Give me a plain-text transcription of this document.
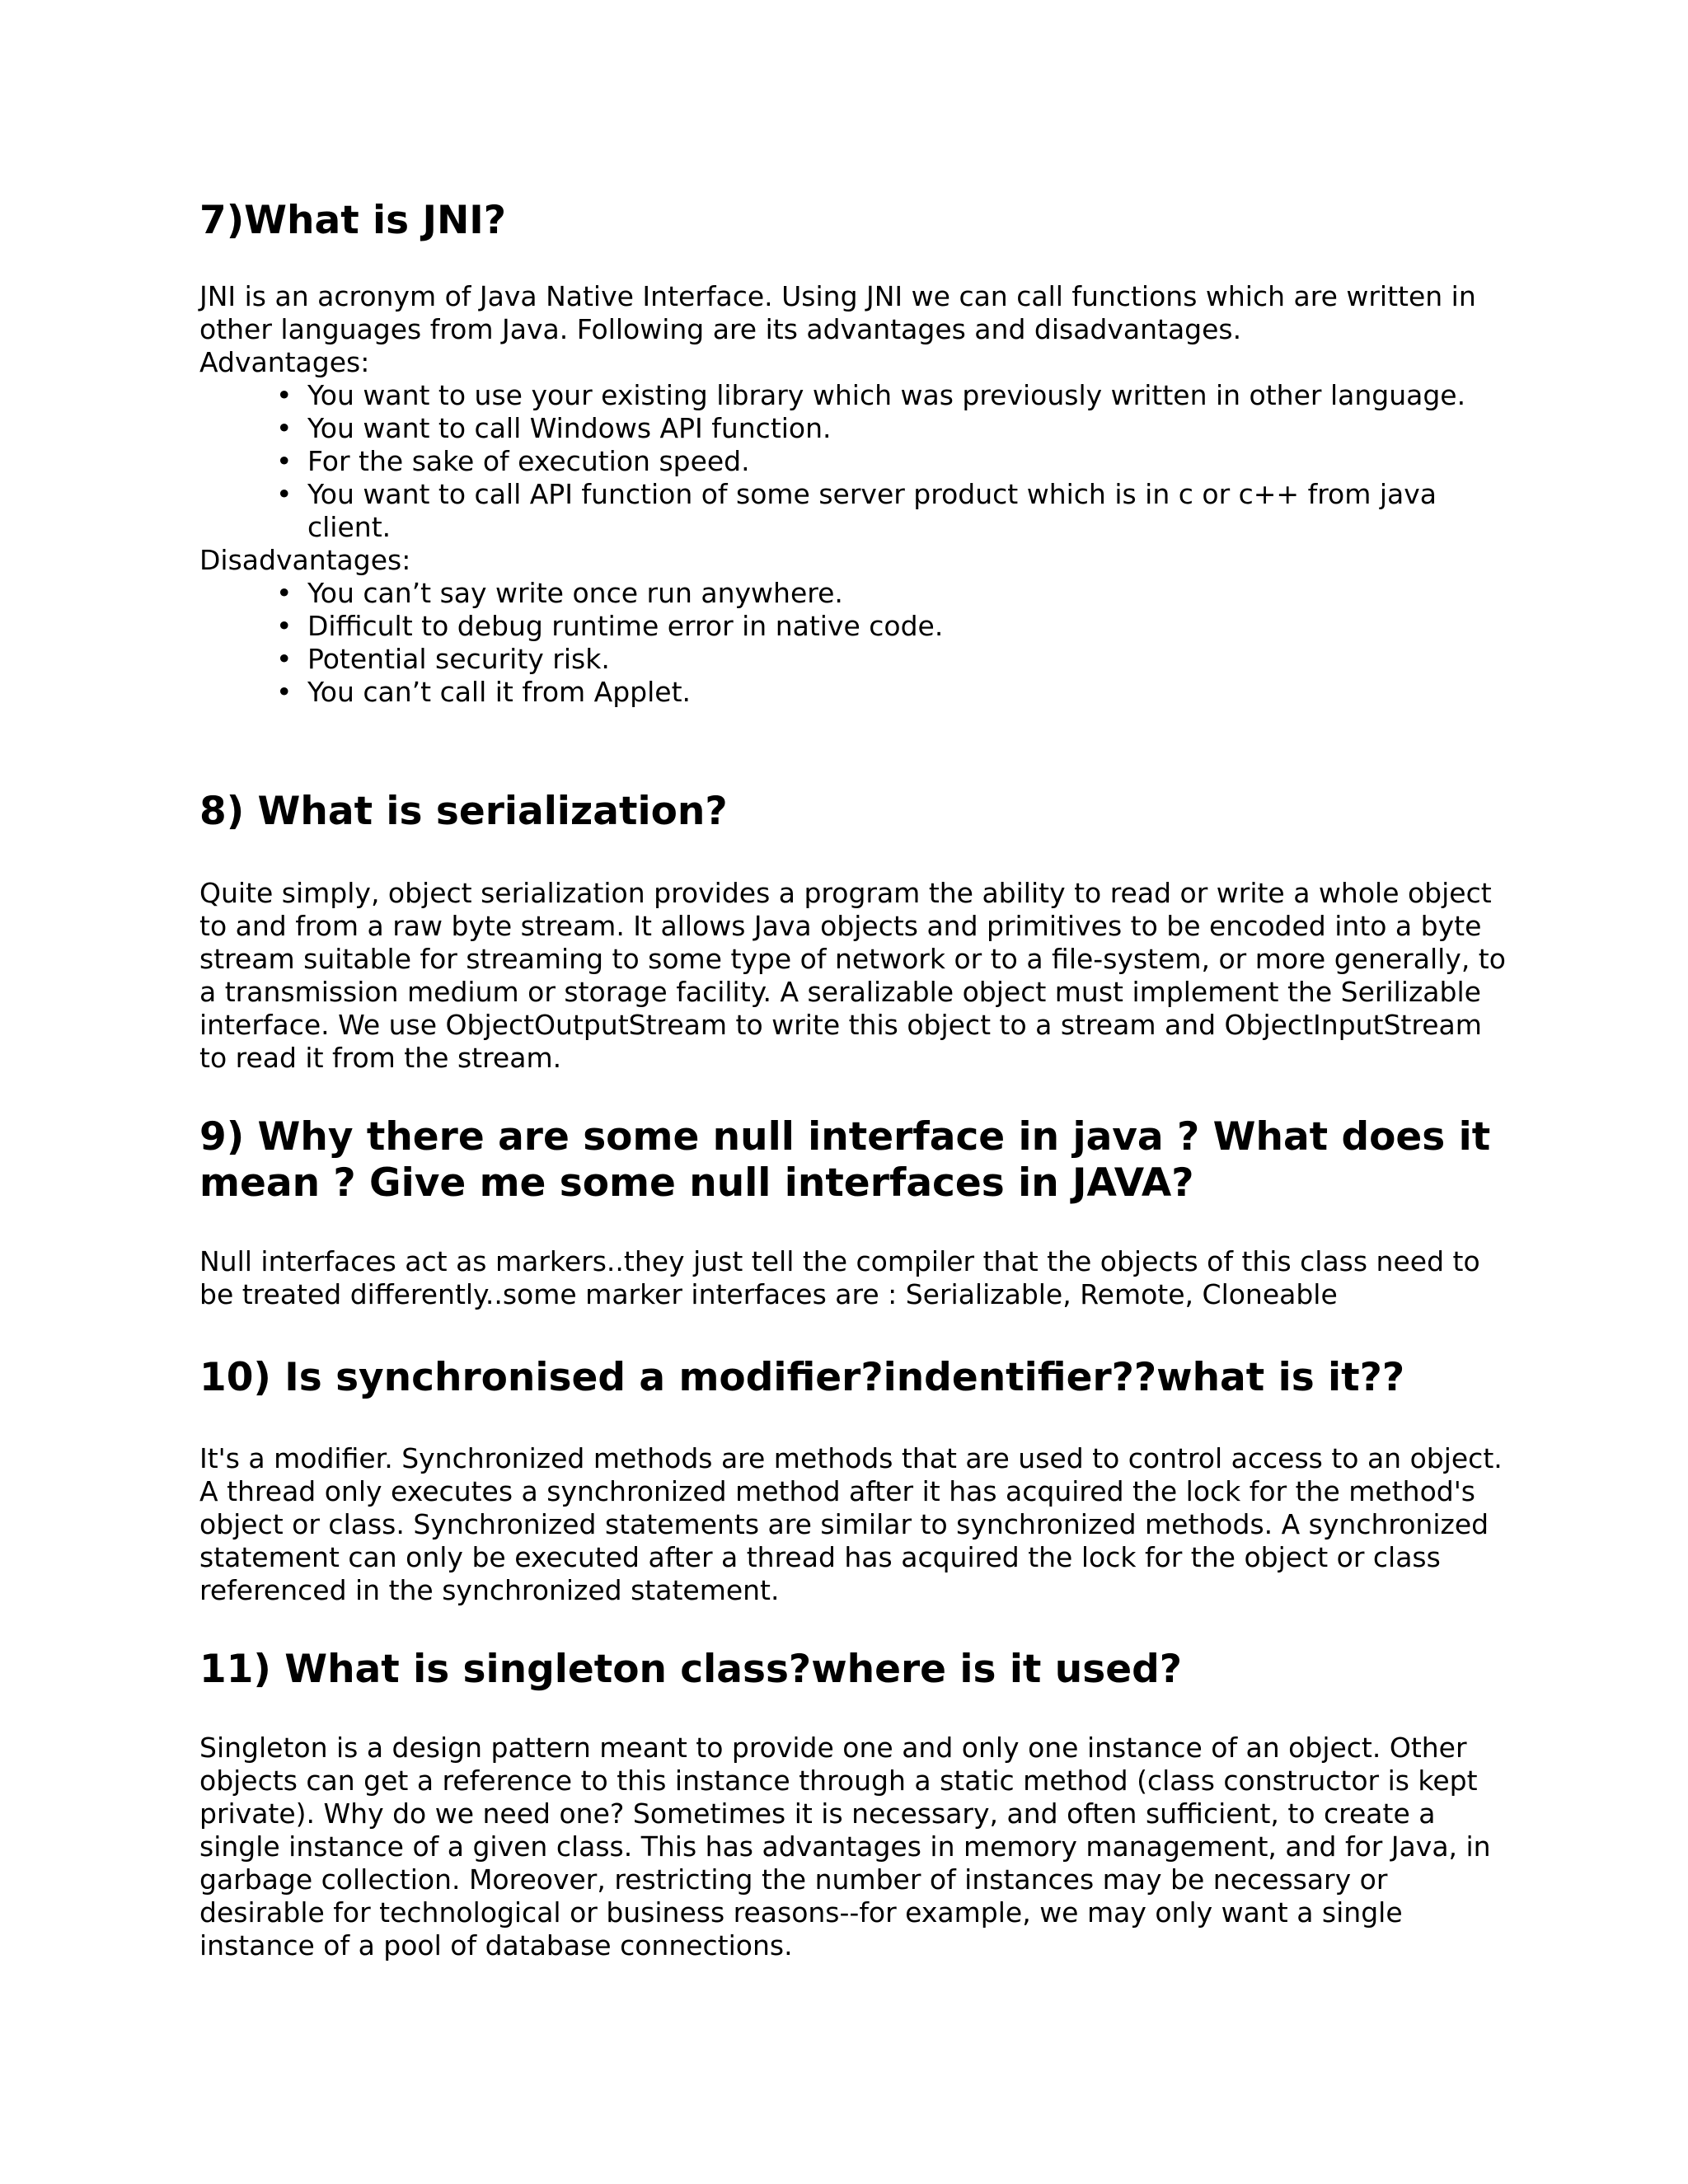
7)What is JNI?

JNI is an acronym of Java Native Interface. Using JNI we can call functions which are written in other languages from Java. Following are its advantages and disadvantages.

Advantages:

• You want to use your existing library which was previously written in other language.
• You want to call Windows API function.
• For the sake of execution speed.
• You want to call API function of some server product which is in c or c++ from java client.

Disadvantages:

• You can’t say write once run anywhere.
• Difficult to debug runtime error in native code.
• Potential security risk.
• You can’t call it from Applet.
8) What is serialization?

Quite simply, object serialization provides a program the ability to read or write a whole object to and from a raw byte stream. It allows Java objects and primitives to be encoded into a byte stream suitable for streaming to some type of network or to a file-system, or more generally, to a transmission medium or storage facility. A seralizable object must implement the Serilizable interface. We use ObjectOutputStream to write this object to a stream and ObjectInputStream to read it from the stream.

9) Why there are some null interface in java ? What does it mean ? Give me some null interfaces in JAVA?

Null interfaces act as markers..they just tell the compiler that the objects of this class need to be treated differently..some marker interfaces are : Serializable, Remote, Cloneable

10) Is synchronised a modifier?indentifier??what is it??

It's a modifier. Synchronized methods are methods that are used to control access to an object. A thread only executes a synchronized method after it has acquired the lock for the method's object or class. Synchronized statements are similar to synchronized methods. A synchronized statement can only be executed after a thread has acquired the lock for the object or class referenced in the synchronized statement.

11) What is singleton class?where is it used?

Singleton is a design pattern meant to provide one and only one instance of an object. Other objects can get a reference to this instance through a static method (class constructor is kept private). Why do we need one? Sometimes it is necessary, and often sufficient, to create a single instance of a given class. This has advantages in memory management, and for Java, in garbage collection. Moreover, restricting the number of instances may be necessary or desirable for technological or business reasons--for example, we may only want a single instance of a pool of database connections.
